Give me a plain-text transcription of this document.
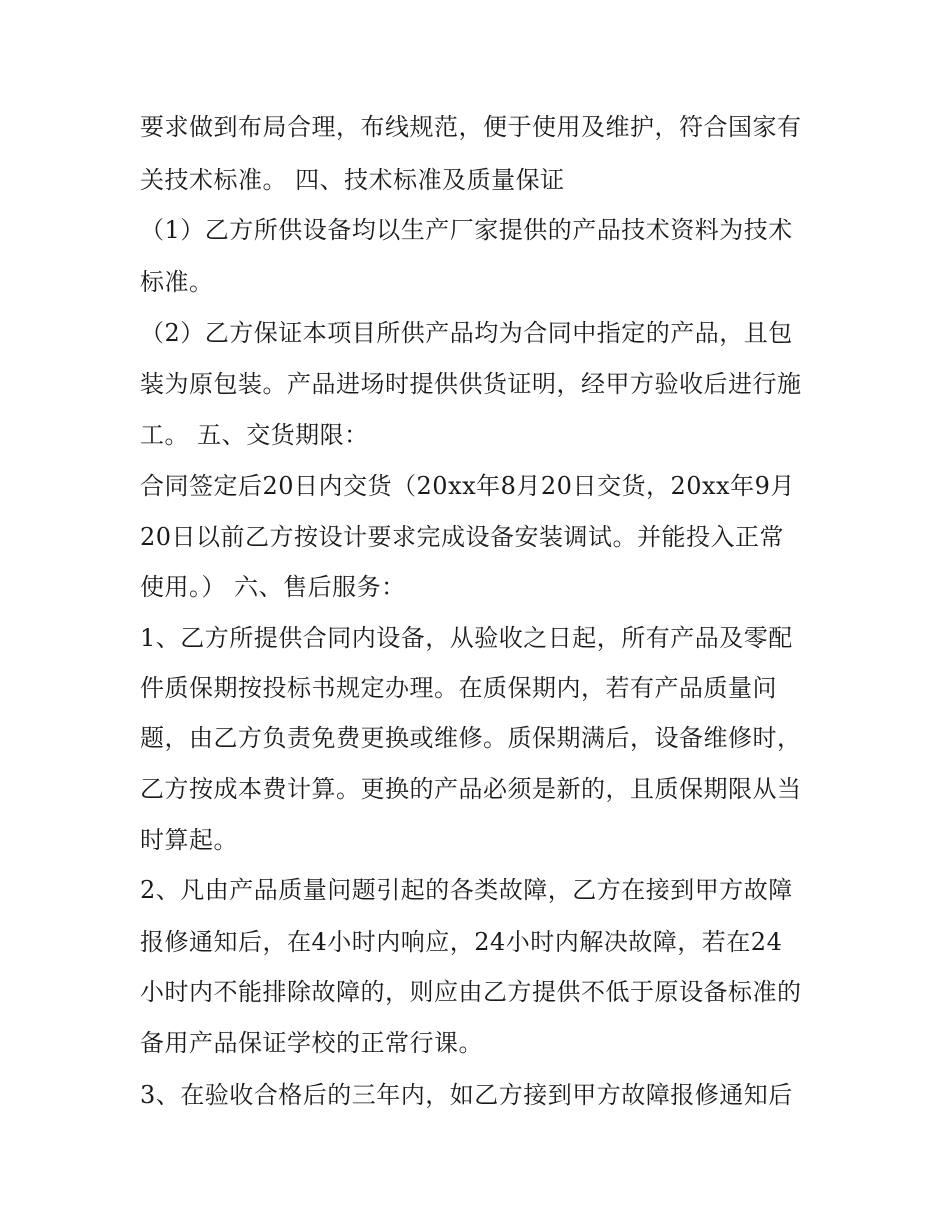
要求做到布局合理，布线规范，便于使用及维护，符合国家有
关技术标准。 四、技术标准及质量保证
（1）乙方所供设备均以生产厂家提供的产品技术资料为技术
标准。
（2）乙方保证本项目所供产品均为合同中指定的产品，且包
装为原包装。产品进场时提供供货证明，经甲方验收后进行施
工。 五、交货期限：
合同签定后20日内交货（20xx年8月20日交货，20xx年9月
20日以前乙方按设计要求完成设备安装调试。并能投入正常
使用。） 六、售后服务：
1、乙方所提供合同内设备，从验收之日起，所有产品及零配
件质保期按投标书规定办理。在质保期内，若有产品质量问
题，由乙方负责免费更换或维修。质保期满后，设备维修时，
乙方按成本费计算。更换的产品必须是新的，且质保期限从当
时算起。
2、凡由产品质量问题引起的各类故障，乙方在接到甲方故障
报修通知后，在4小时内响应，24小时内解决故障，若在24
小时内不能排除故障的，则应由乙方提供不低于原设备标准的
备用产品保证学校的正常行课。
3、在验收合格后的三年内，如乙方接到甲方故障报修通知后
